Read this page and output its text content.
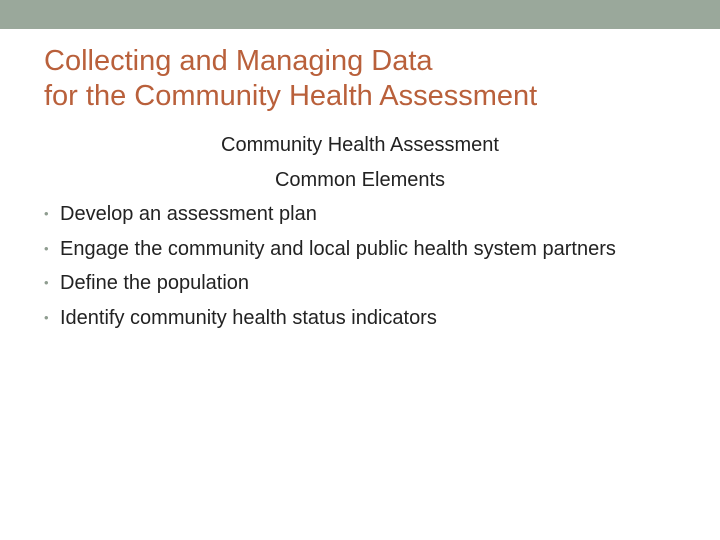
Collecting and Managing Data
for the Community Health Assessment
Community Health Assessment
Common Elements
• Develop an assessment plan
• Engage the community and local public health system partners
• Define the population
• Identify community health status indicators
